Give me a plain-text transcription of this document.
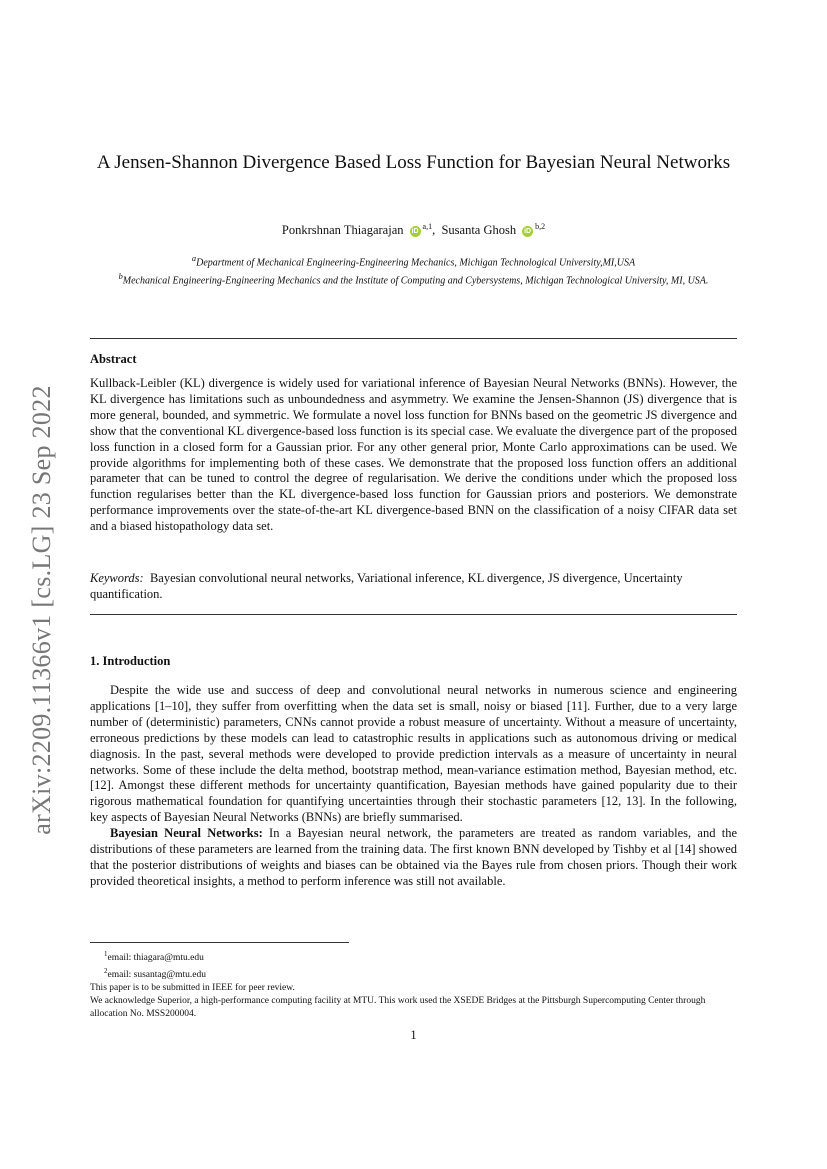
arXiv:2209.11366v1 [cs.LG] 23 Sep 2022
A Jensen-Shannon Divergence Based Loss Function for Bayesian Neural Networks
Ponkrshnan Thiagarajan iD$^{a,1}$, Susanta Ghosh iD$^{b,2}$
$^a$Department of Mechanical Engineering-Engineering Mechanics, Michigan Technological University,MI,USA
$^b$Mechanical Engineering-Engineering Mechanics and the Institute of Computing and Cybersystems, Michigan Technological University, MI, USA.
Abstract
Kullback-Leibler (KL) divergence is widely used for variational inference of Bayesian Neural Networks (BNNs). However, the KL divergence has limitations such as unboundedness and asymmetry. We examine the Jensen-Shannon (JS) divergence that is more general, bounded, and symmetric. We formulate a novel loss function for BNNs based on the geometric JS divergence and show that the conventional KL divergence-based loss function is its special case. We evaluate the divergence part of the proposed loss function in a closed form for a Gaussian prior. For any other general prior, Monte Carlo approximations can be used. We provide algorithms for implementing both of these cases. We demonstrate that the proposed loss function offers an additional parameter that can be tuned to control the degree of regularisation. We derive the conditions under which the proposed loss function regularises better than the KL divergence-based loss function for Gaussian priors and posteriors. We demonstrate performance improvements over the state-of-the-art KL divergence-based BNN on the classification of a noisy CIFAR data set and a biased histopathology data set.
Keywords: Bayesian convolutional neural networks, Variational inference, KL divergence, JS divergence, Uncertainty quantification.
1. Introduction

Despite the wide use and success of deep and convolutional neural networks in numerous science and engineering applications [1–10], they suffer from overfitting when the data set is small, noisy or biased [11]. Further, due to a very large number of (deterministic) parameters, CNNs cannot provide a robust measure of uncertainty. Without a measure of uncertainty, erroneous predictions by these models can lead to catastrophic results in applications such as autonomous driving or medical diagnosis. In the past, several methods were developed to provide prediction intervals as a measure of uncertainty in neural networks. Some of these include the delta method, bootstrap method, mean-variance estimation method, Bayesian method, etc. [12]. Amongst these different methods for uncertainty quantification, Bayesian methods have gained popularity due to their rigorous mathematical foundation for quantifying uncertainties through their stochastic parameters [12, 13]. In the following, key aspects of Bayesian Neural Networks (BNNs) are briefly summarised.

Bayesian Neural Networks: In a Bayesian neural network, the parameters are treated as random variables, and the distributions of these parameters are learned from the training data. The first known BNN developed by Tishby et al [14] showed that the posterior distributions of weights and biases can be obtained via the Bayes rule from chosen priors. Though their work provided theoretical insights, a method to perform inference was still not available.

$^1$email: thiagara@mtu.edu
$^2$email: susantag@mtu.edu
This paper is to be submitted in IEEE for peer review.
We acknowledge Superior, a high-performance computing facility at MTU. This work used the XSEDE Bridges at the Pittsburgh Supercomputing Center through allocation No. MSS200004.
1
